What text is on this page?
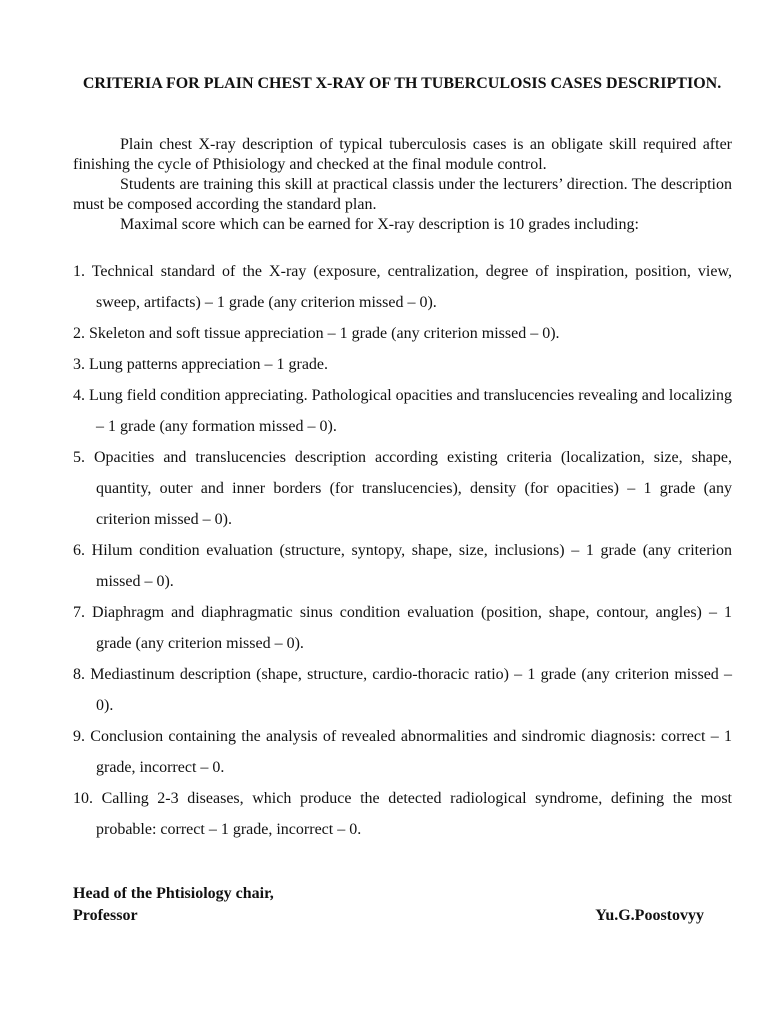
CRITERIA FOR PLAIN CHEST X-RAY OF TH TUBERCULOSIS CASES DESCRIPTION.

Plain chest X-ray description of typical tuberculosis cases is an obligate skill required after finishing the cycle of Pthisiology and checked at the final module control.

Students are training this skill at practical classis under the lecturers’ direction. The description must be composed according the standard plan.

Maximal score which can be earned for X-ray description is 10 grades including:

1. Technical standard of the X-ray (exposure, centralization, degree of inspiration, position, view, sweep, artifacts) – 1 grade (any criterion missed – 0).
2. Skeleton and soft tissue appreciation – 1 grade (any criterion missed – 0).
3. Lung patterns appreciation – 1 grade.
4. Lung field condition appreciating. Pathological opacities and translucencies revealing and localizing – 1 grade (any formation missed – 0).
5. Opacities and translucencies description according existing criteria (localization, size, shape, quantity, outer and inner borders (for translucencies), density (for opacities) – 1 grade (any criterion missed – 0).
6. Hilum condition evaluation (structure, syntopy, shape, size, inclusions) – 1 grade (any criterion missed – 0).
7. Diaphragm and diaphragmatic sinus condition evaluation (position, shape, contour, angles) – 1 grade (any criterion missed – 0).
8. Mediastinum description (shape, structure, cardio-thoracic ratio) – 1 grade (any criterion missed – 0).
9. Conclusion containing the analysis of revealed abnormalities and sindromic diagnosis: correct – 1 grade, incorrect – 0.
10. Calling 2-3 diseases, which produce the detected radiological syndrome, defining the most probable: correct – 1 grade, incorrect – 0.
Head of the Phtisiology chair,
Professor	Yu.G.Poostovyy
